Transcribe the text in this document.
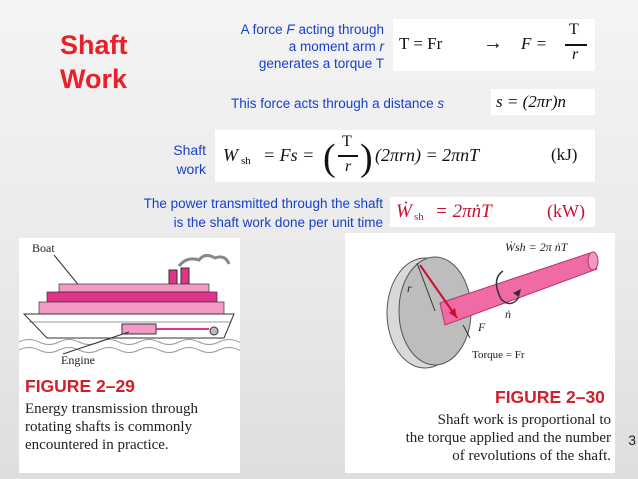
Shaft
Work
A force F acting through
a moment arm r
generates a torque T
T = Fr → F =
T
r
This force acts through a distance s	s = (2πr)n
Shaft
work
W sh = Fs = ( T
r ) (2πrn) = 2πnT	(kJ)
The power transmitted through the shaft
is the shaft work done per unit time
Ẇ sh = 2πṅT	(kW)
Boat
Engine
FIGURE 2–29
Energy transmission through
rotating shafts is commonly
encountered in practice.
Ẇsh = 2π ṅT
r
F
ṅ
Torque = Fr
FIGURE 2–30
Shaft work is proportional to
the torque applied and the number
of revolutions of the shaft.
3
